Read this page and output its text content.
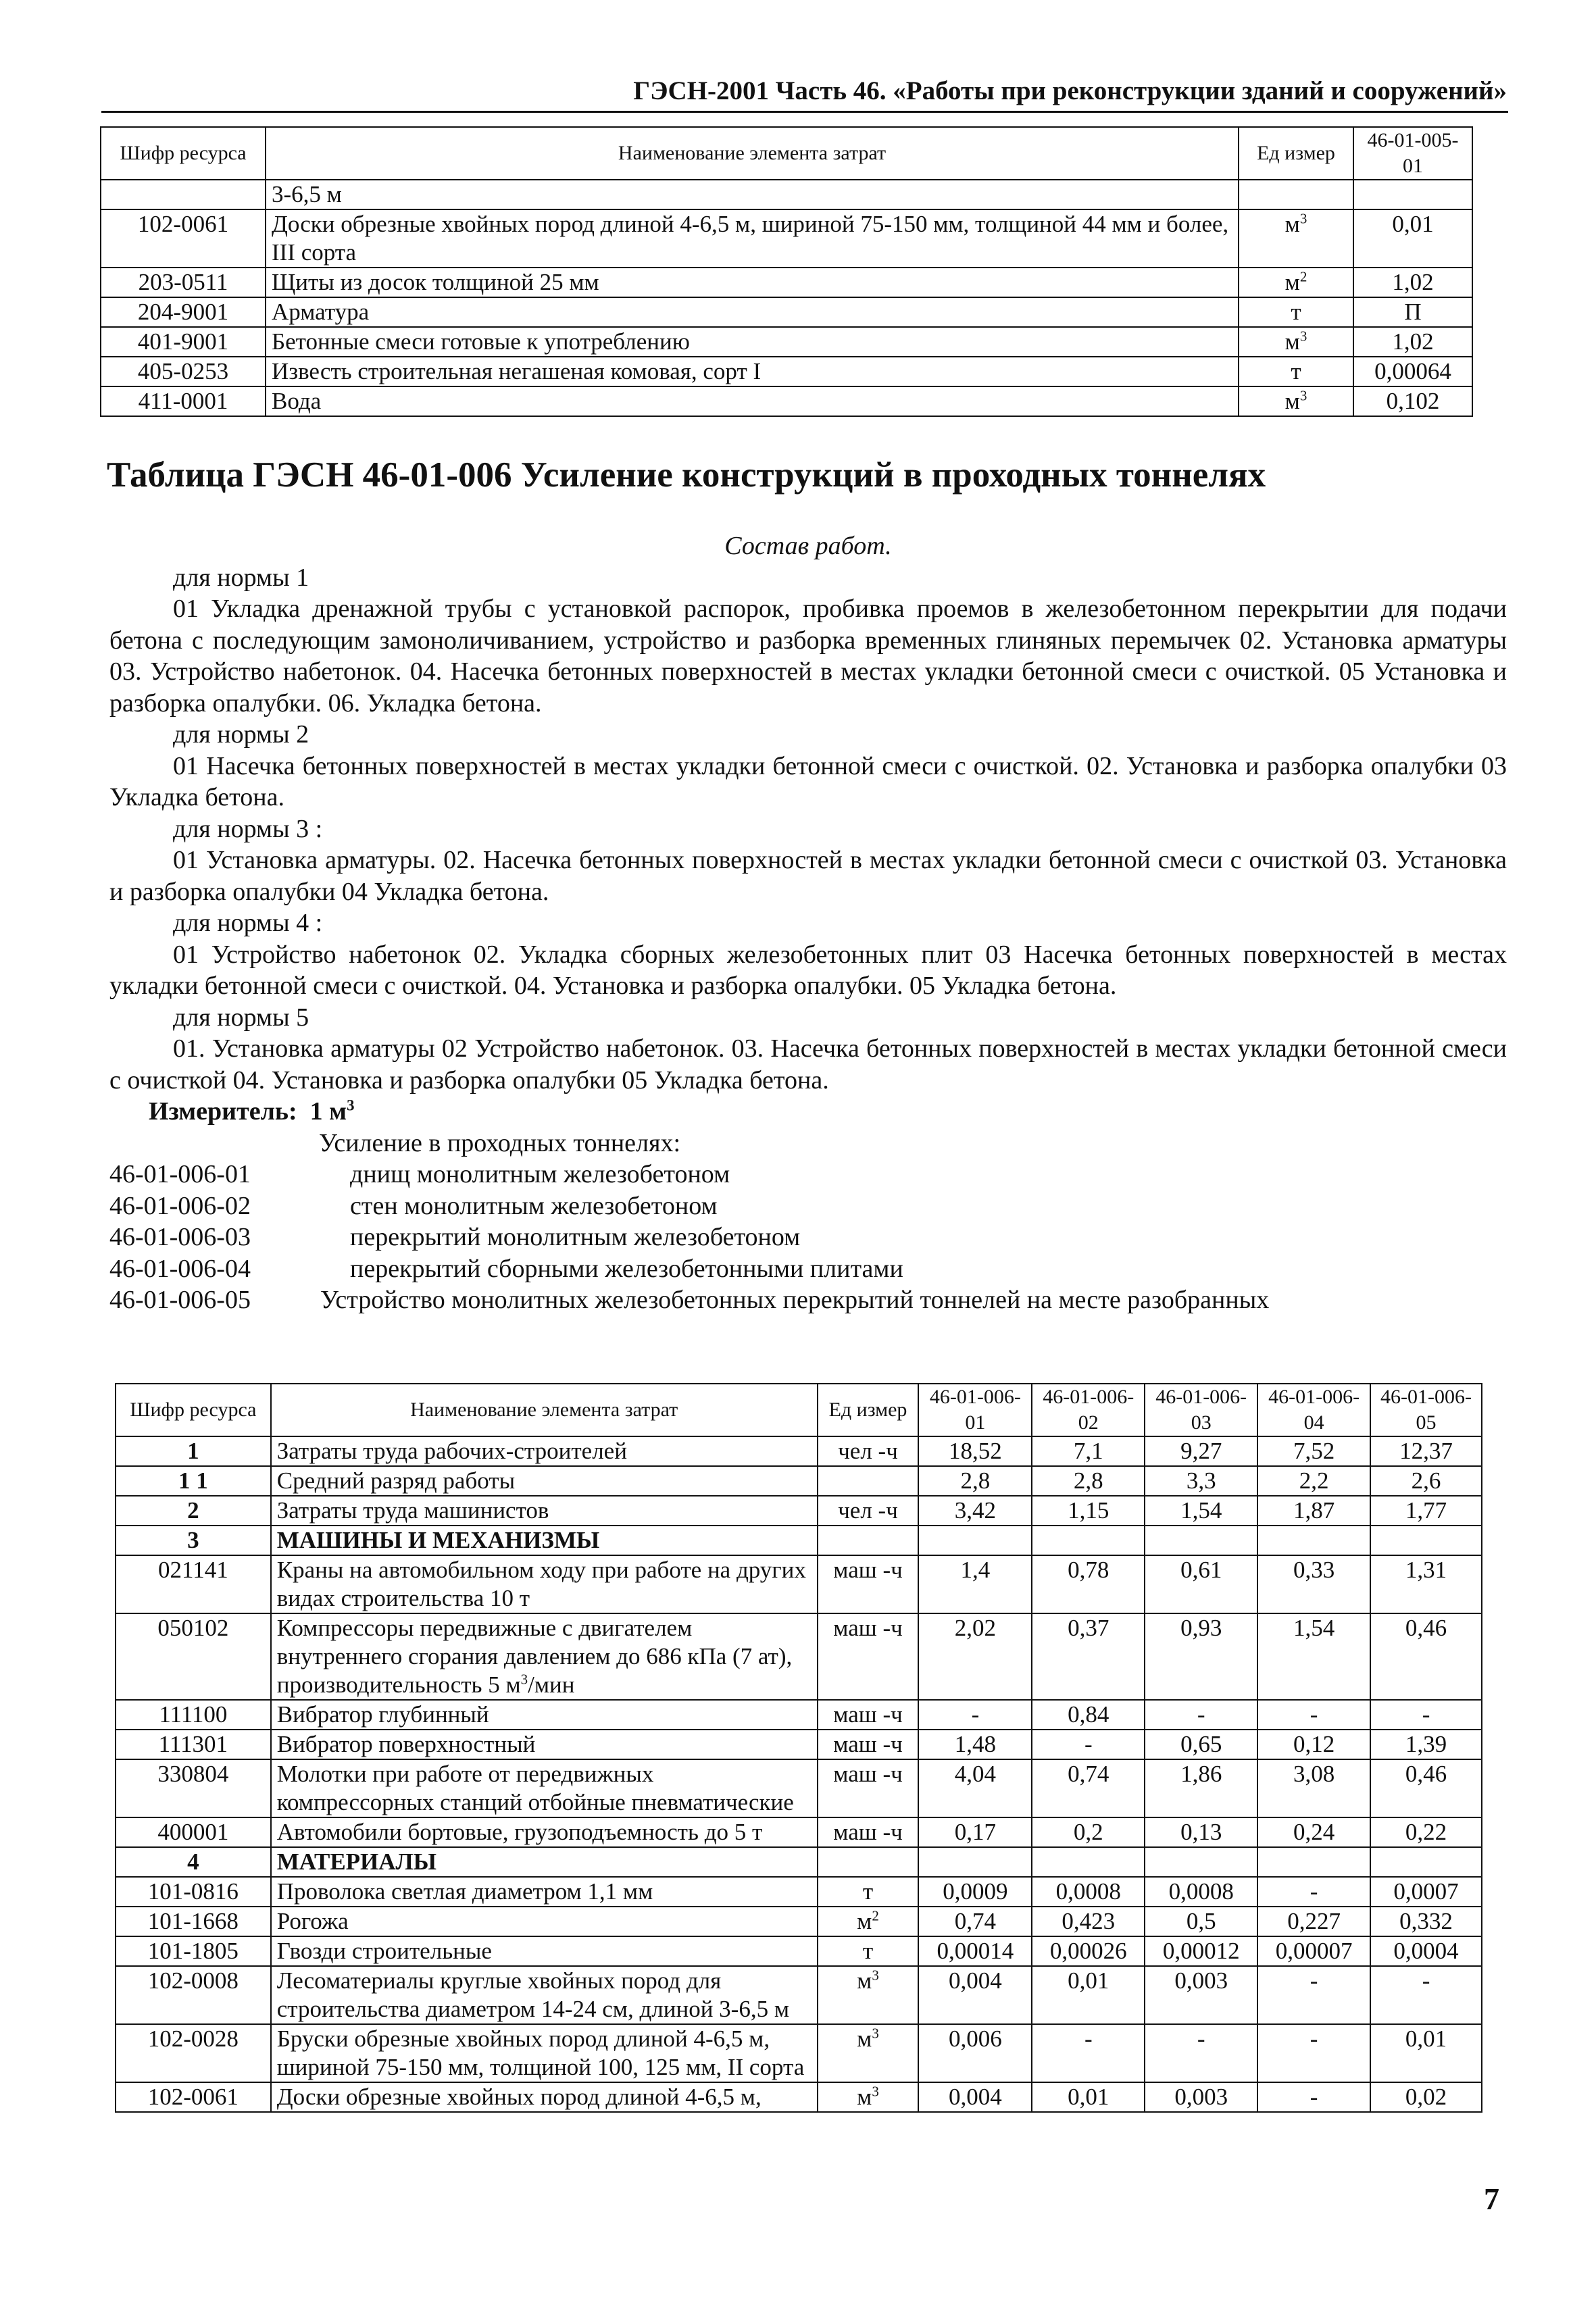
ГЭСН-2001 Часть 46. «Работы при реконструкции зданий и сооружений»
Шифр ресурса	Наименование элемента затрат	Ед измер	46-01-005-01
	3-6,5 м		
102-0061	Доски обрезные хвойных пород длиной 4-6,5 м, шириной 75-150 мм, толщиной 44 мм и более, III сорта	$м^3$	0,01
203-0511	Щиты из досок толщиной 25 мм	$м^2$	1,02
204-9001	Арматура	т	П
401-9001	Бетонные смеси готовые к употреблению	$м^3$	1,02
405-0253	Известь строительная негашеная комовая, сорт I	т	0,00064
411-0001	Вода	$м^3$	0,102
Таблица ГЭСН 46-01-006 Усиление конструкций в проходных тоннелях
Состав работ.
для нормы 1
01 Укладка дренажной трубы с установкой распорок, пробивка проемов в железобетонном перекрытии для подачи бетона с последующим замоноличиванием, устройство и разборка временных глиняных перемычек 02. Установка арматуры 03. Устройство набетонок. 04. Насечка бетонных поверхностей в местах укладки бетонной смеси с очисткой. 05 Установка и разборка опалубки. 06. Укладка бетона.
для нормы 2
01 Насечка бетонных поверхностей в местах укладки бетонной смеси с очисткой. 02. Установка и разборка опалубки 03 Укладка бетона.
для нормы 3 :
01 Установка арматуры. 02. Насечка бетонных поверхностей в местах укладки бетонной смеси с очисткой 03. Установка и разборка опалубки 04 Укладка бетона.
для нормы 4 :
01 Устройство набетонок 02. Укладка сборных железобетонных плит 03 Насечка бетонных поверхностей в местах укладки бетонной смеси с очисткой. 04. Установка и разборка опалубки. 05 Укладка бетона.
для нормы 5
01. Установка арматуры 02 Устройство набетонок. 03. Насечка бетонных поверхностей в местах укладки бетонной смеси с очисткой 04. Установка и разборка опалубки 05 Укладка бетона.
Измеритель: 1 $м^3$
Усиление в проходных тоннелях:
46-01-006-01	днищ монолитным железобетоном
46-01-006-02	стен монолитным железобетоном
46-01-006-03	перекрытий монолитным железобетоном
46-01-006-04	перекрытий сборными железобетонными плитами
46-01-006-05	Устройство монолитных железобетонных перекрытий тоннелей на месте разобранных
Шифр ресурса	Наименование элемента затрат	Ед измер	46-01-006-01	46-01-006-02	46-01-006-03	46-01-006-04	46-01-006-05
1	Затраты труда рабочих-строителей	чел -ч	18,52	7,1	9,27	7,52	12,37
1 1	Средний разряд работы		2,8	2,8	3,3	2,2	2,6
2	Затраты труда машинистов	чел -ч	3,42	1,15	1,54	1,87	1,77
3	МАШИНЫ И МЕХАНИЗМЫ						
021141	Краны на автомобильном ходу при работе на других видах строительства 10 т	маш -ч	1,4	0,78	0,61	0,33	1,31
050102	Компрессоры передвижные с двигателем внутреннего сгорания давлением до 686 кПа (7 ат), производительность 5 $м^3$/мин	маш -ч	2,02	0,37	0,93	1,54	0,46
111100	Вибратор глубинный	маш -ч	-	0,84	-	-	-
111301	Вибратор поверхностный	маш -ч	1,48	-	0,65	0,12	1,39
330804	Молотки при работе от передвижных компрессорных станций отбойные пневматические	маш -ч	4,04	0,74	1,86	3,08	0,46
400001	Автомобили бортовые, грузоподъемность до 5 т	маш -ч	0,17	0,2	0,13	0,24	0,22
4	МАТЕРИАЛЫ						
101-0816	Проволока светлая диаметром 1,1 мм	т	0,0009	0,0008	0,0008	-	0,0007
101-1668	Рогожа	$м^2$	0,74	0,423	0,5	0,227	0,332
101-1805	Гвозди строительные	т	0,00014	0,00026	0,00012	0,00007	0,0004
102-0008	Лесоматериалы круглые хвойных пород для строительства диаметром 14-24 см, длиной 3-6,5 м	$м^3$	0,004	0,01	0,003	-	-
102-0028	Бруски обрезные хвойных пород длиной 4-6,5 м, шириной 75-150 мм, толщиной 100, 125 мм, II сорта	$м^3$	0,006	-	-	-	0,01
102-0061	Доски обрезные хвойных пород длиной 4-6,5 м,	$м^3$	0,004	0,01	0,003	-	0,02
7
